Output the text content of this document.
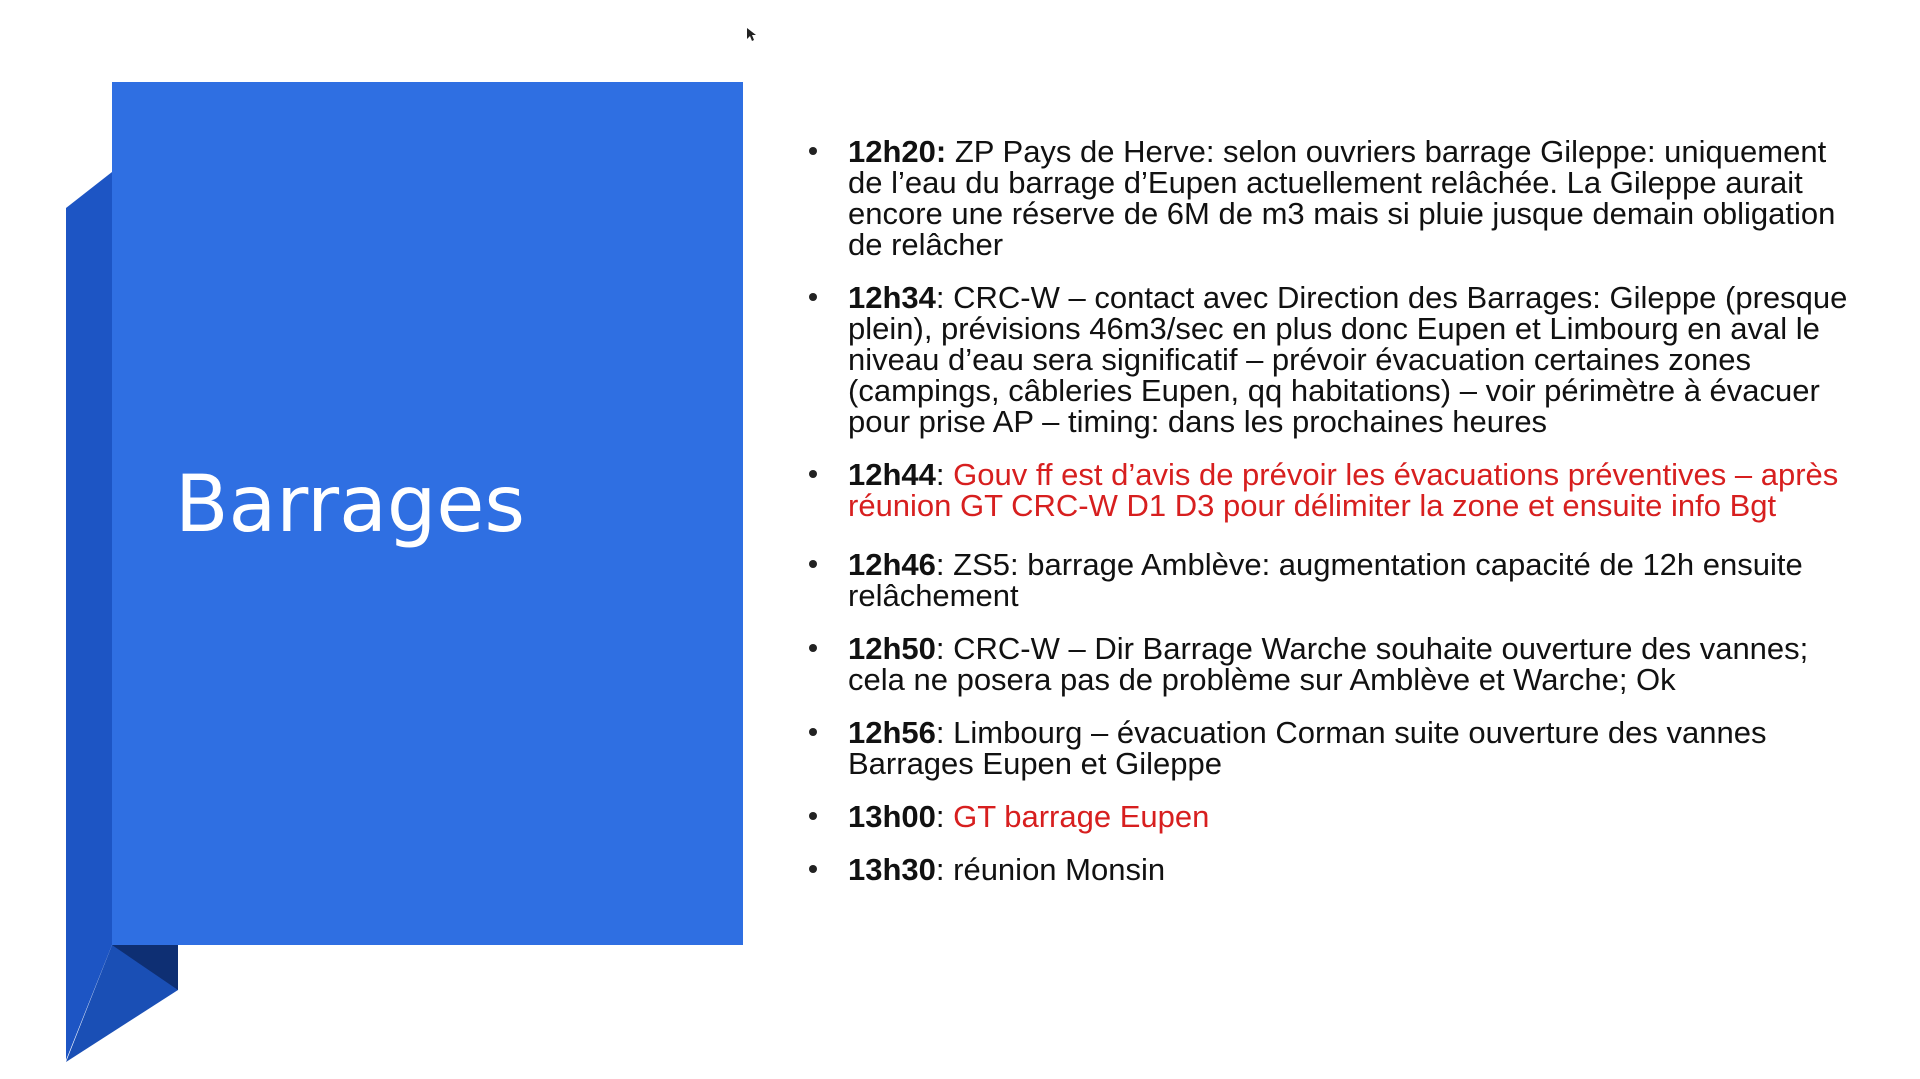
Barrages
12h20: ZP Pays de Herve: selon ouvriers barrage Gileppe: uniquement de l’eau du barrage d’Eupen actuellement relâchée. La Gileppe aurait encore une réserve de 6M de m3 mais si pluie jusque demain obligation de relâcher
12h34: CRC-W – contact avec Direction des Barrages: Gileppe (presque plein), prévisions 46m3/sec en plus donc Eupen et Limbourg en aval le niveau d’eau sera significatif – prévoir évacuation certaines zones (campings, câbleries Eupen, qq habitations) – voir périmètre à évacuer pour prise AP – timing: dans les prochaines heures
12h44: Gouv ff est d’avis de prévoir les évacuations préventives – après réunion GT CRC-W D1 D3 pour délimiter la zone et ensuite info Bgt
12h46: ZS5: barrage Amblève: augmentation capacité de 12h ensuite relâchement
12h50: CRC-W – Dir Barrage Warche souhaite ouverture des vannes; cela ne posera pas de problème sur Amblève et Warche; Ok
12h56: Limbourg – évacuation Corman suite ouverture des vannes Barrages Eupen et Gileppe
13h00: GT barrage Eupen
13h30: réunion Monsin
